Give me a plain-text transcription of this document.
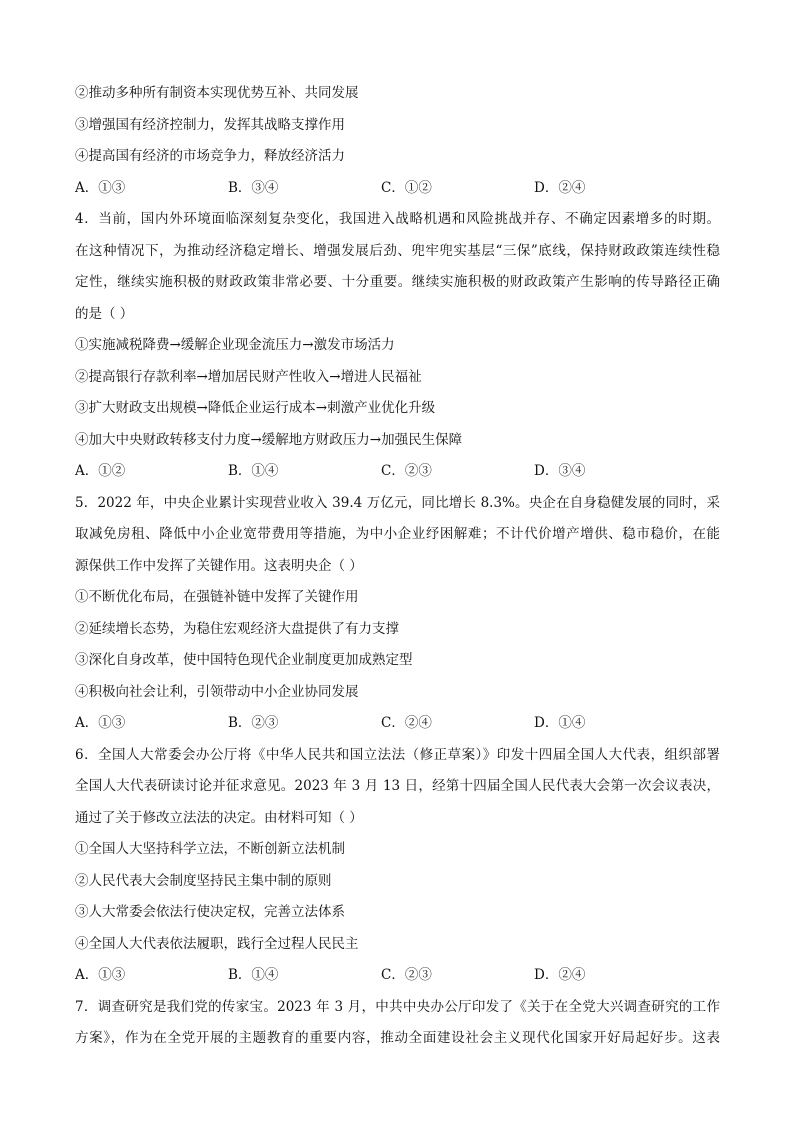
②推动多种所有制资本实现优势互补、共同发展
③增强国有经济控制力，发挥其战略支撑作用
④提高国有经济的市场竞争力，释放经济活力
A．①③	B．③④	C．①②	D．②④
4．当前，国内外环境面临深刻复杂变化，我国进入战略机遇和风险挑战并存、不确定因素增多的时期。
在这种情况下，为推动经济稳定增长、增强发展后劲、兜牢兜实基层“三保”底线，保持财政政策连续性稳
定性，继续实施积极的财政政策非常必要、十分重要。继续实施积极的财政政策产生影响的传导路径正确
的是（ ）
①实施减税降费→缓解企业现金流压力→激发市场活力
②提高银行存款利率→增加居民财产性收入→增进人民福祉
③扩大财政支出规模→降低企业运行成本→刺激产业优化升级
④加大中央财政转移支付力度→缓解地方财政压力→加强民生保障
A．①②	B．①④	C．②③	D．③④
5．2022 年，中央企业累计实现营业收入 39.4 万亿元，同比增长 8.3%。央企在自身稳健发展的同时，采
取减免房租、降低中小企业宽带费用等措施，为中小企业纾困解难；不计代价增产增供、稳市稳价，在能
源保供工作中发挥了关键作用。这表明央企（ ）
①不断优化布局，在强链补链中发挥了关键作用
②延续增长态势，为稳住宏观经济大盘提供了有力支撑
③深化自身改革，使中国特色现代企业制度更加成熟定型
④积极向社会让利，引领带动中小企业协同发展
A．①③	B．②③	C．②④	D．①④
6．全国人大常委会办公厅将《中华人民共和国立法法（修正草案）》印发十四届全国人大代表，组织部署
全国人大代表研读讨论并征求意见。2023 年 3 月 13 日，经第十四届全国人民代表大会第一次会议表决，
通过了关于修改立法法的决定。由材料可知（ ）
①全国人大坚持科学立法，不断创新立法机制
②人民代表大会制度坚持民主集中制的原则
③人大常委会依法行使决定权，完善立法体系
④全国人大代表依法履职，践行全过程人民民主
A．①③	B．①④	C．②③	D．②④
7．调查研究是我们党的传家宝。2023 年 3 月，中共中央办公厅印发了《关于在全党大兴调查研究的工作
方案》，作为在全党开展的主题教育的重要内容，推动全面建设社会主义现代化国家开好局起好步。这表
